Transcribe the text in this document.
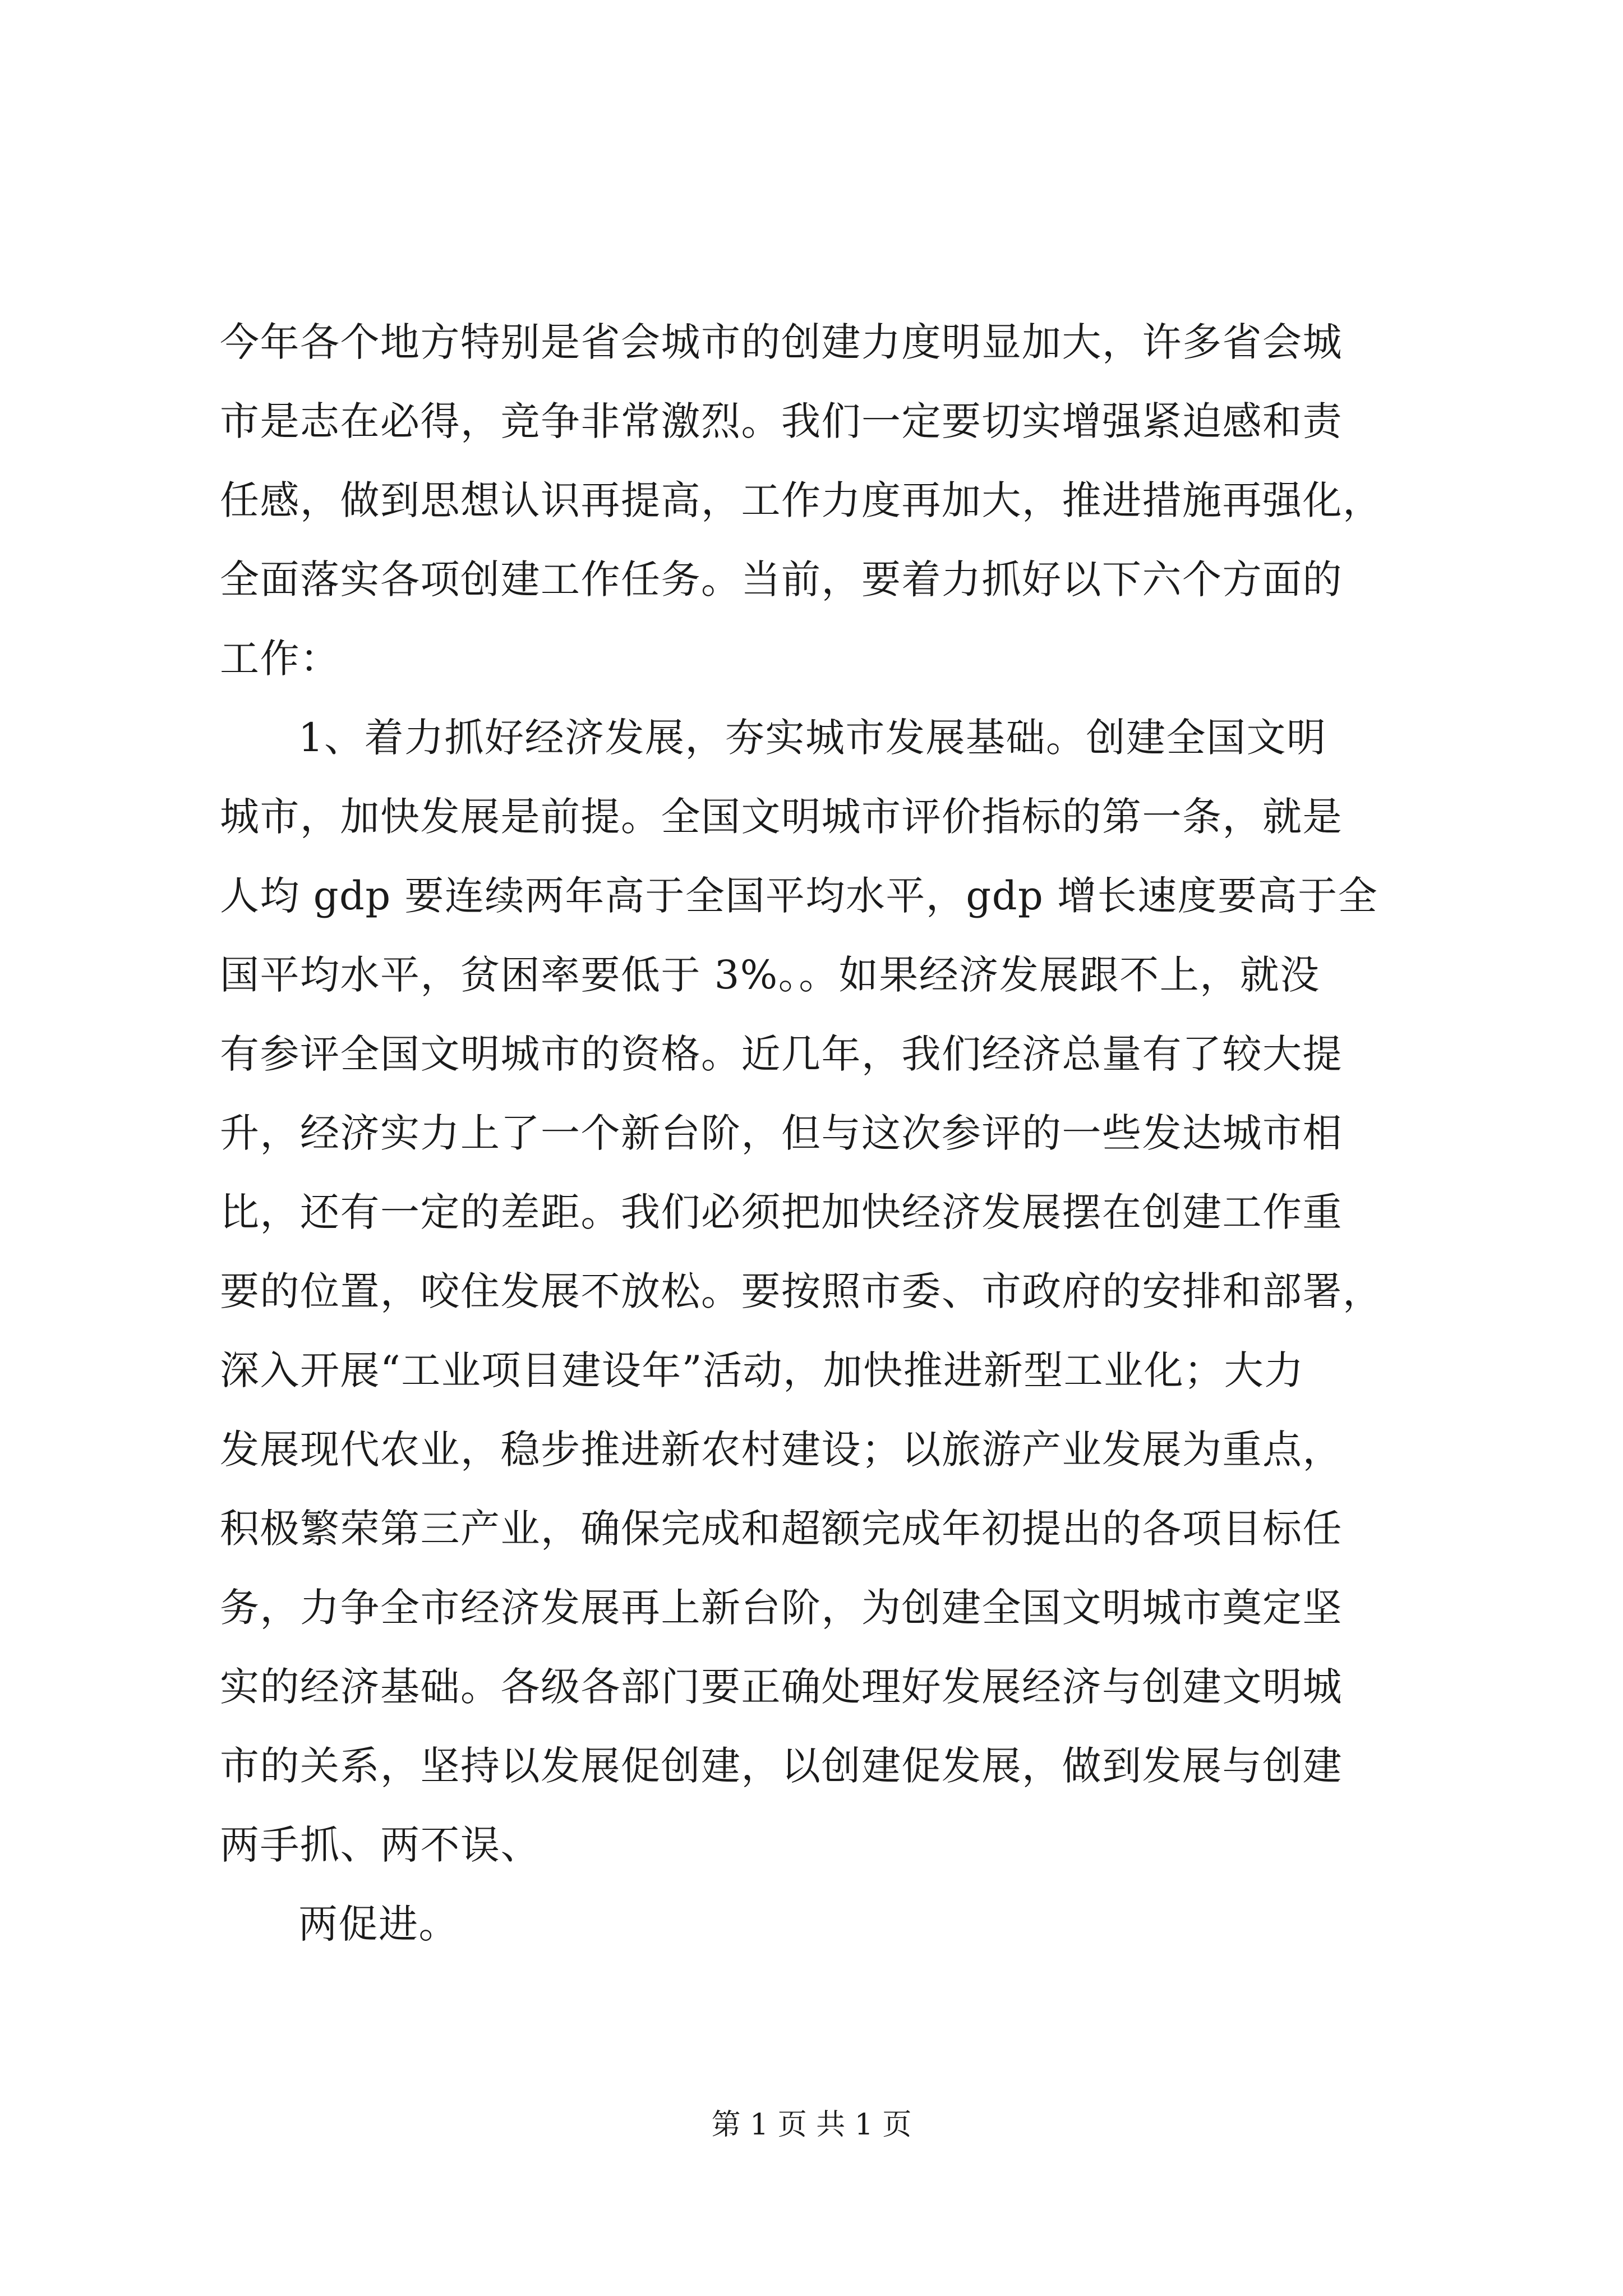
今年各个地方特别是省会城市的创建力度明显加大，许多省会城
市是志在必得，竞争非常激烈。我们一定要切实增强紧迫感和责
任感，做到思想认识再提高，工作力度再加大，推进措施再强化，
全面落实各项创建工作任务。当前，要着力抓好以下六个方面的
工作：
1、着力抓好经济发展，夯实城市发展基础。创建全国文明
城市，加快发展是前提。全国文明城市评价指标的第一条，就是
人均 gdp 要连续两年高于全国平均水平，gdp 增长速度要高于全
国平均水平，贫困率要低于 3%。。如果经济发展跟不上，就没
有参评全国文明城市的资格。近几年，我们经济总量有了较大提
升，经济实力上了一个新台阶，但与这次参评的一些发达城市相
比，还有一定的差距。我们必须把加快经济发展摆在创建工作重
要的位置，咬住发展不放松。要按照市委、市政府的安排和部署，
深入开展“工业项目建设年”活动，加快推进新型工业化；大力
发展现代农业，稳步推进新农村建设；以旅游产业发展为重点，
积极繁荣第三产业，确保完成和超额完成年初提出的各项目标任
务，力争全市经济发展再上新台阶，为创建全国文明城市奠定坚
实的经济基础。各级各部门要正确处理好发展经济与创建文明城
市的关系，坚持以发展促创建，以创建促发展，做到发展与创建
两手抓、两不误、
两促进。
第 1 页 共 1 页
